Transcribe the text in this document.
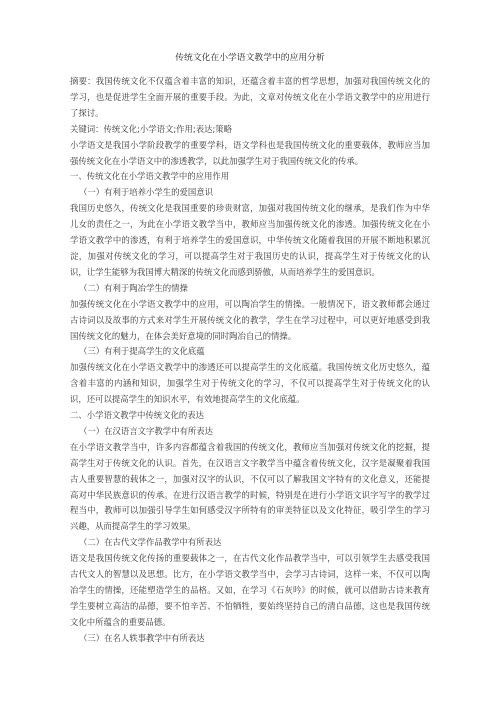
传统文化在小学语文教学中的应用分析

摘要：我国传统文化不仅蕴含着丰富的知识，还蕴含着丰富的哲学思想，加强对我国传统文化的学习，也是促进学生全面开展的重要手段。为此，文章对传统文化在小学语文教学中的应用进行了探讨。

关键词：传统文化;小学语文;作用;表达;策略

小学语文是我国小学阶段教学的重要学科，语文学科也是我国传统文化的重要载体，教师应当加强传统文化在小学语文中的渗透教学，以此加强学生对于我国传统文化的传承。

一、传统文化在小学语文教学中的应用作用

（一）有利于培养小学生的爱国意识

我国历史悠久，传统文化是我国重要的珍贵财富，加强对我国传统文化的继承，是我们作为中华儿女的责任之一，为此在小学语文教学当中，教师应当加强传统文化的渗透。加强传统文化在小学语文教学中的渗透，有利于培养学生的爱国意识，中华传统文化随着我国的开展不断地积累沉淀，加强对传统文化的学习，可以提高学生对于我国历史的认识，提高学生对于传统文化的认识，让学生能够为我国博大精深的传统文化而感到骄傲，从而培养学生的爱国意识。

（二）有利于陶冶学生的情操

加强传统文化在小学语文教学中的应用，可以陶冶学生的情操。一般情况下，语文教师都会通过古诗词以及故事的方式来对学生开展传统文化的教学，学生在学习过程中，可以更好地感受到我国传统文化的魅力，在体会美好意境的同时陶冶自己的情操。

（三）有利于提高学生的文化底蕴

加强传统文化在小学语文教学中的渗透还可以提高学生的文化底蕴。我国传统文化历史悠久，蕴含着丰富的内涵和知识，加强学生对于传统文化的学习，不仅可以提高学生对于传统文化的认识，还可以提高学生的知识水平，有效地提高学生的文化底蕴。

二、小学语文教学中传统文化的表达

（一）在汉语言文字教学中有所表达

在小学语文教学当中，许多内容都蕴含着我国的传统文化，教师应当加强对传统文化的挖掘，提高学生对于传统文化的认识。首先，在汉语言文字教学当中蕴含着传统文化，汉字是凝聚着我国古人重要智慧的载体之一，加强对汉字的认识，不仅可以了解我国文字特有的文化意义，还能提高对中华民族意识的传承。在进行汉语言教学的时候，特别是在进行小学语文识字写字的教学过程当中，教师可以加强引导学生如何感受汉字所特有的审美特征以及文化特征，吸引学生的学习兴趣，从而提高学生的学习效果。

（二）在古代文学作品教学中有所表达

语文是我国传统文化传扬的重要载体之一，在古代文化作品教学当中，可以引领学生去感受我国古代文人的智慧以及思想。比方，在小学语文教学当中，会学习古诗词，这样一来，不仅可以陶冶学生的情操，还能塑造学生的品格。又如，在学习《石灰吟》的时候，就可以借助古诗来教育学生要树立高洁的品德，要不怕辛苦、不怕牺牲，要始终坚持自己的清白品德，这也是我国传统文化中所蕴含的重要品德。

（三）在名人轶事教学中有所表达
